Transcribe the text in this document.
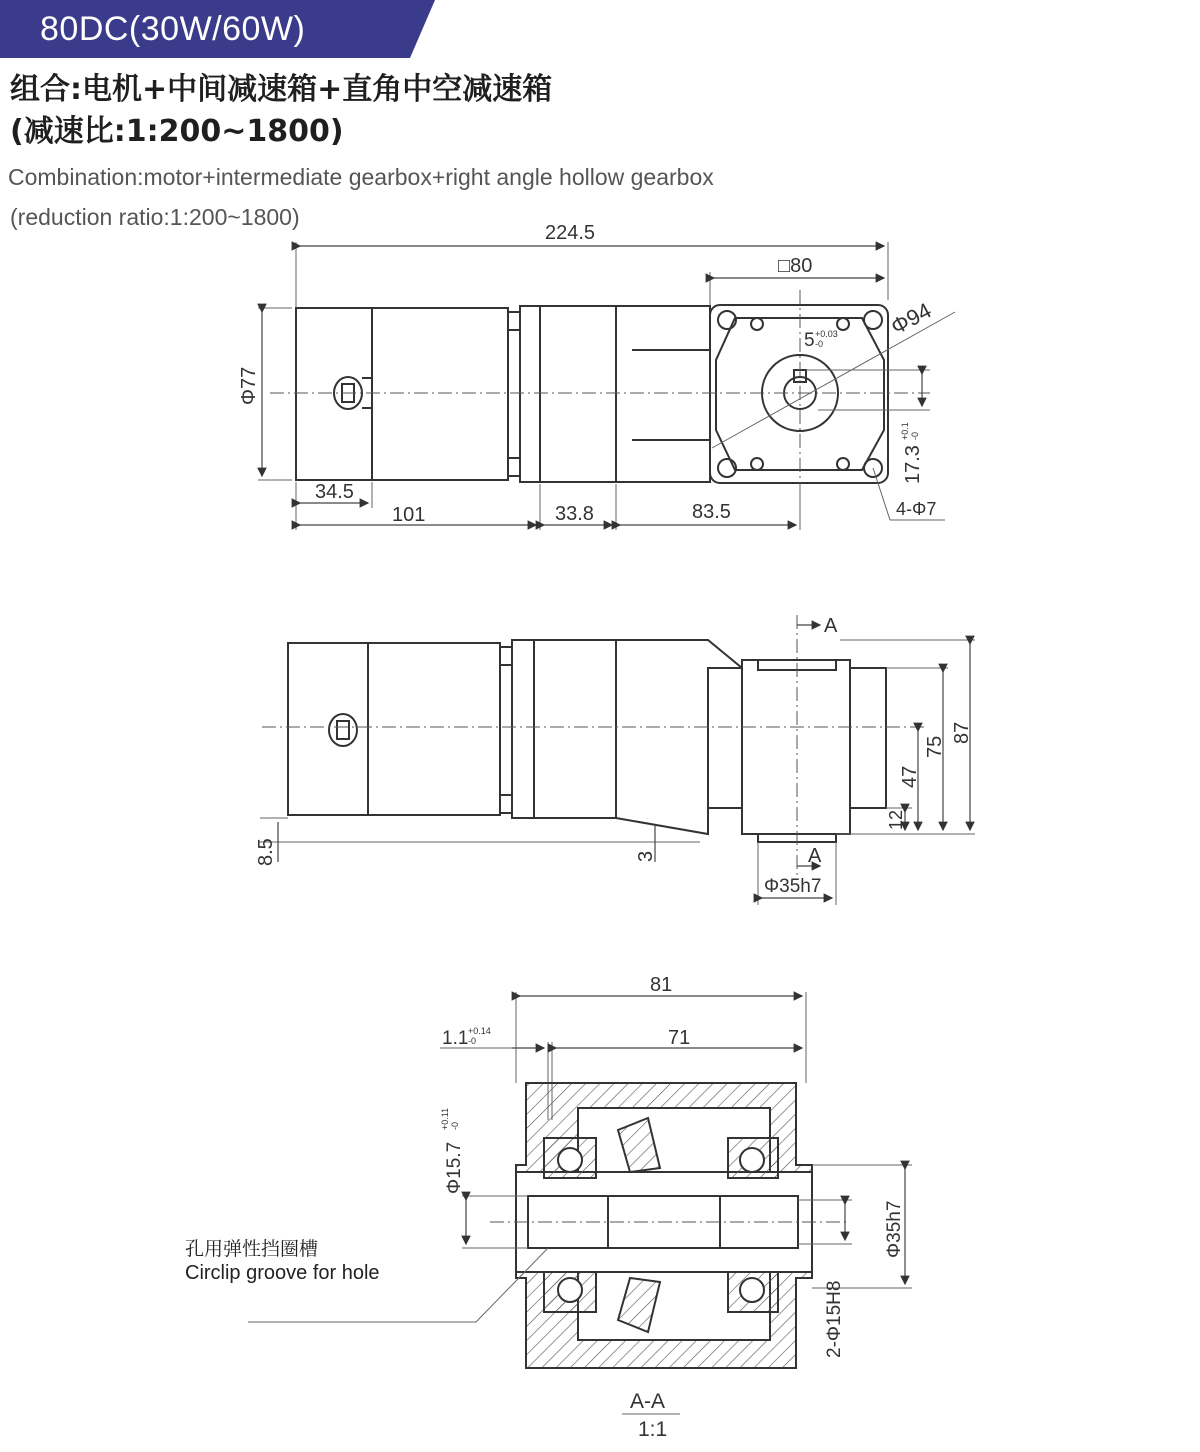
80DC(30W/60W)
组合:电机+中间减速箱+直角中空减速箱
(减速比:1:200~1800)
Combination:motor+intermediate gearbox+right angle hollow gearbox
(reduction ratio:1:200~1800)
224.5
□80
Φ94
5 +0.03
-0
17.3
+0.1 -0
Φ77
34.5
101	33.8	83.5	4-Φ7
A
A
87
75
47
12
8.5	3
Φ35h7
81
71
1.1 +0.14
-0
Φ15.7
+0.11 -0
Φ35h7
2-Φ15H8
A-A
1:1
孔用弹性挡圈槽
Circlip groove for hole
